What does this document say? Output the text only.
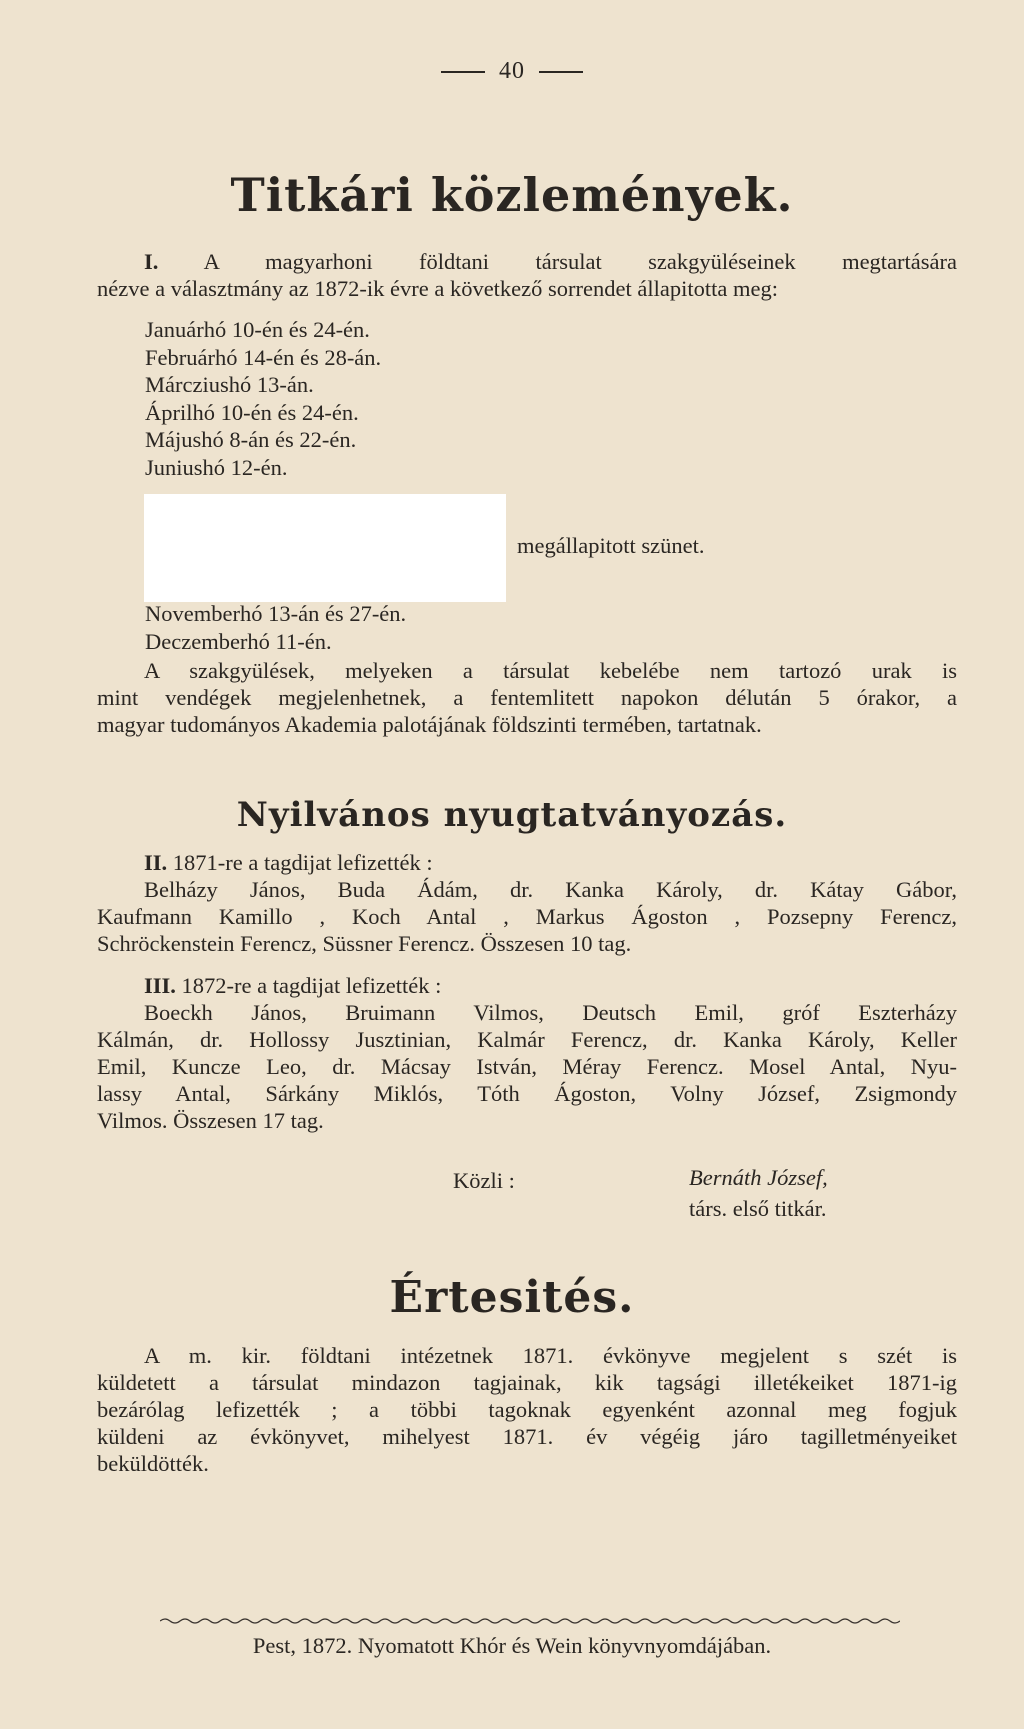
40
Titkári közlemények.
I. A magyarhoni földtani társulat szakgyüléseinek megtartására
nézve a választmány az 1872-ik évre a következő sorrendet állapitotta meg:
Januárhó 10-én és 24-én.
Februárhó 14-én és 28-án.
Márcziushó 13-án.
Áprilhó 10-én és 24-én.
Májushó 8-án és 22-én.
Juniushó 12-én.
megállapitott szünet.
Novemberhó 13-án és 27-én.
Deczemberhó 11-én.
A szakgyülések, melyeken a társulat kebelébe nem tartozó urak is
mint vendégek megjelenhetnek, a fentemlitett napokon délután 5 órakor, a
magyar tudományos Akademia palotájának földszinti termében, tartatnak.
Nyilvános nyugtatványozás.
II. 1871-re a tagdijat lefizették :
Belházy János, Buda Ádám, dr. Kanka Károly, dr. Kátay Gábor,
Kaufmann Kamillo , Koch Antal , Markus Ágoston , Pozsepny Ferencz,
Schröckenstein Ferencz, Süssner Ferencz. Összesen 10 tag.
III. 1872-re a tagdijat lefizették :
Boeckh János, Bruimann Vilmos, Deutsch Emil, gróf Eszterházy
Kálmán, dr. Hollossy Jusztinian, Kalmár Ferencz, dr. Kanka Károly, Keller
Emil, Kuncze Leo, dr. Mácsay István, Méray Ferencz. Mosel Antal, Nyu-
lassy Antal, Sárkány Miklós, Tóth Ágoston, Volny József, Zsigmondy
Vilmos. Összesen 17 tag.
Közli :	Bernáth József,
társ. első titkár.
Értesités.
A m. kir. földtani intézetnek 1871. évkönyve megjelent s szét is
küldetett a társulat mindazon tagjainak, kik tagsági illetékeiket 1871-ig
bezárólag lefizették ; a többi tagoknak egyenként azonnal meg fogjuk
küldeni az évkönyvet, mihelyest 1871. év végéig járo tagilletményeiket
beküldötték.
Pest, 1872. Nyomatott Khór és Wein könyvnyomdájában.
